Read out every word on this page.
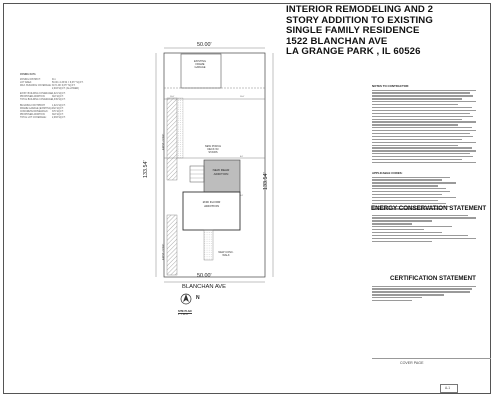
INTERIOR REMODELING AND 2
STORY ADDITION TO EXISTING
SINGLE FAMILY RESIDENCE
1522 BLANCHAN AVE
LA GRANGE PARK , IL 60526
ZONING DATA
ZONING DISTRICT:	R-1
LOT AREA:	50.00 x 133.54 = 6,677 SQ.FT.
MAX. BUILDING COVERAGE: 30 % OF 6,677 SQ.FT.
2,003 SQ.FT. (ALLOWED)
EXIST. BUILDING COVERAGE: 1,021 SQ.FT.
PROPOSED ADDITION:	318 SQ.FT.
TOTAL BUILDING COVERAGE: 1,339 SQ.FT.
BUILDING FOOTPRINT:	1,021 SQ.FT.
FRAME GARAGE (EXISTING): 462 SQ.FT.
CONCRETE DRIVE/WALK:	370 SQ.FT.
PROPOSED ADDITION:	318 SQ.FT.
TOTAL LOT COVERAGE:	2,083 SQ.FT.
10.0'	10.0'
6.0'
6.0'
50.00'
50.00'
133.54'
133.54'
BLANCHAN AVE
EXISTING
FRAME
GARAGE
NEW PORCH
DECK W/
STAIRS
NEW REAR
ADDITION
2ND FLOOR
ADDITION
NEW CONC.
WALK
EXIST. CONC
EXIST. CONC
N
SITE PLAN
1" = 20'-0"
NOTES TO CONTRACTOR:
APPLICABLE CODES:
ENERGY CONSERVATION STATEMENT
CERTIFICATION STATEMENT
COVER PAGE
A-1
